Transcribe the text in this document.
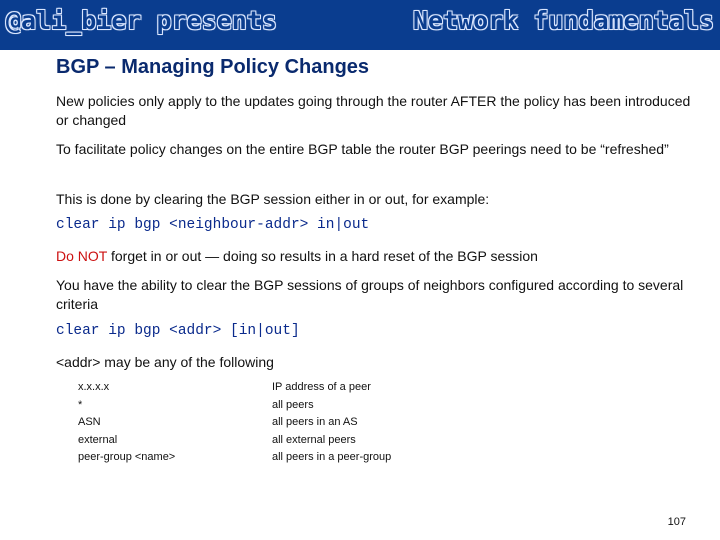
@ali_bier presents	Network fundamentals
BGP – Managing Policy Changes
New policies only apply to the updates going through the router AFTER the policy has been introduced or changed
To facilitate policy changes on the entire BGP table the router BGP peerings need to be “refreshed”
This is done by clearing the BGP session either in or out, for example:
clear ip bgp <neighbour-addr> in|out
Do NOT forget in or out — doing so results in a hard reset of the BGP session
You have the ability to clear the BGP sessions of groups of neighbors configured according to several criteria
clear ip bgp <addr> [in|out]
<addr> may be any of the following
x.x.x.x
*
ASN
external
peer-group <name>
IP address of a peer
all peers
all peers in an AS
all external peers
all peers in a peer-group
107
